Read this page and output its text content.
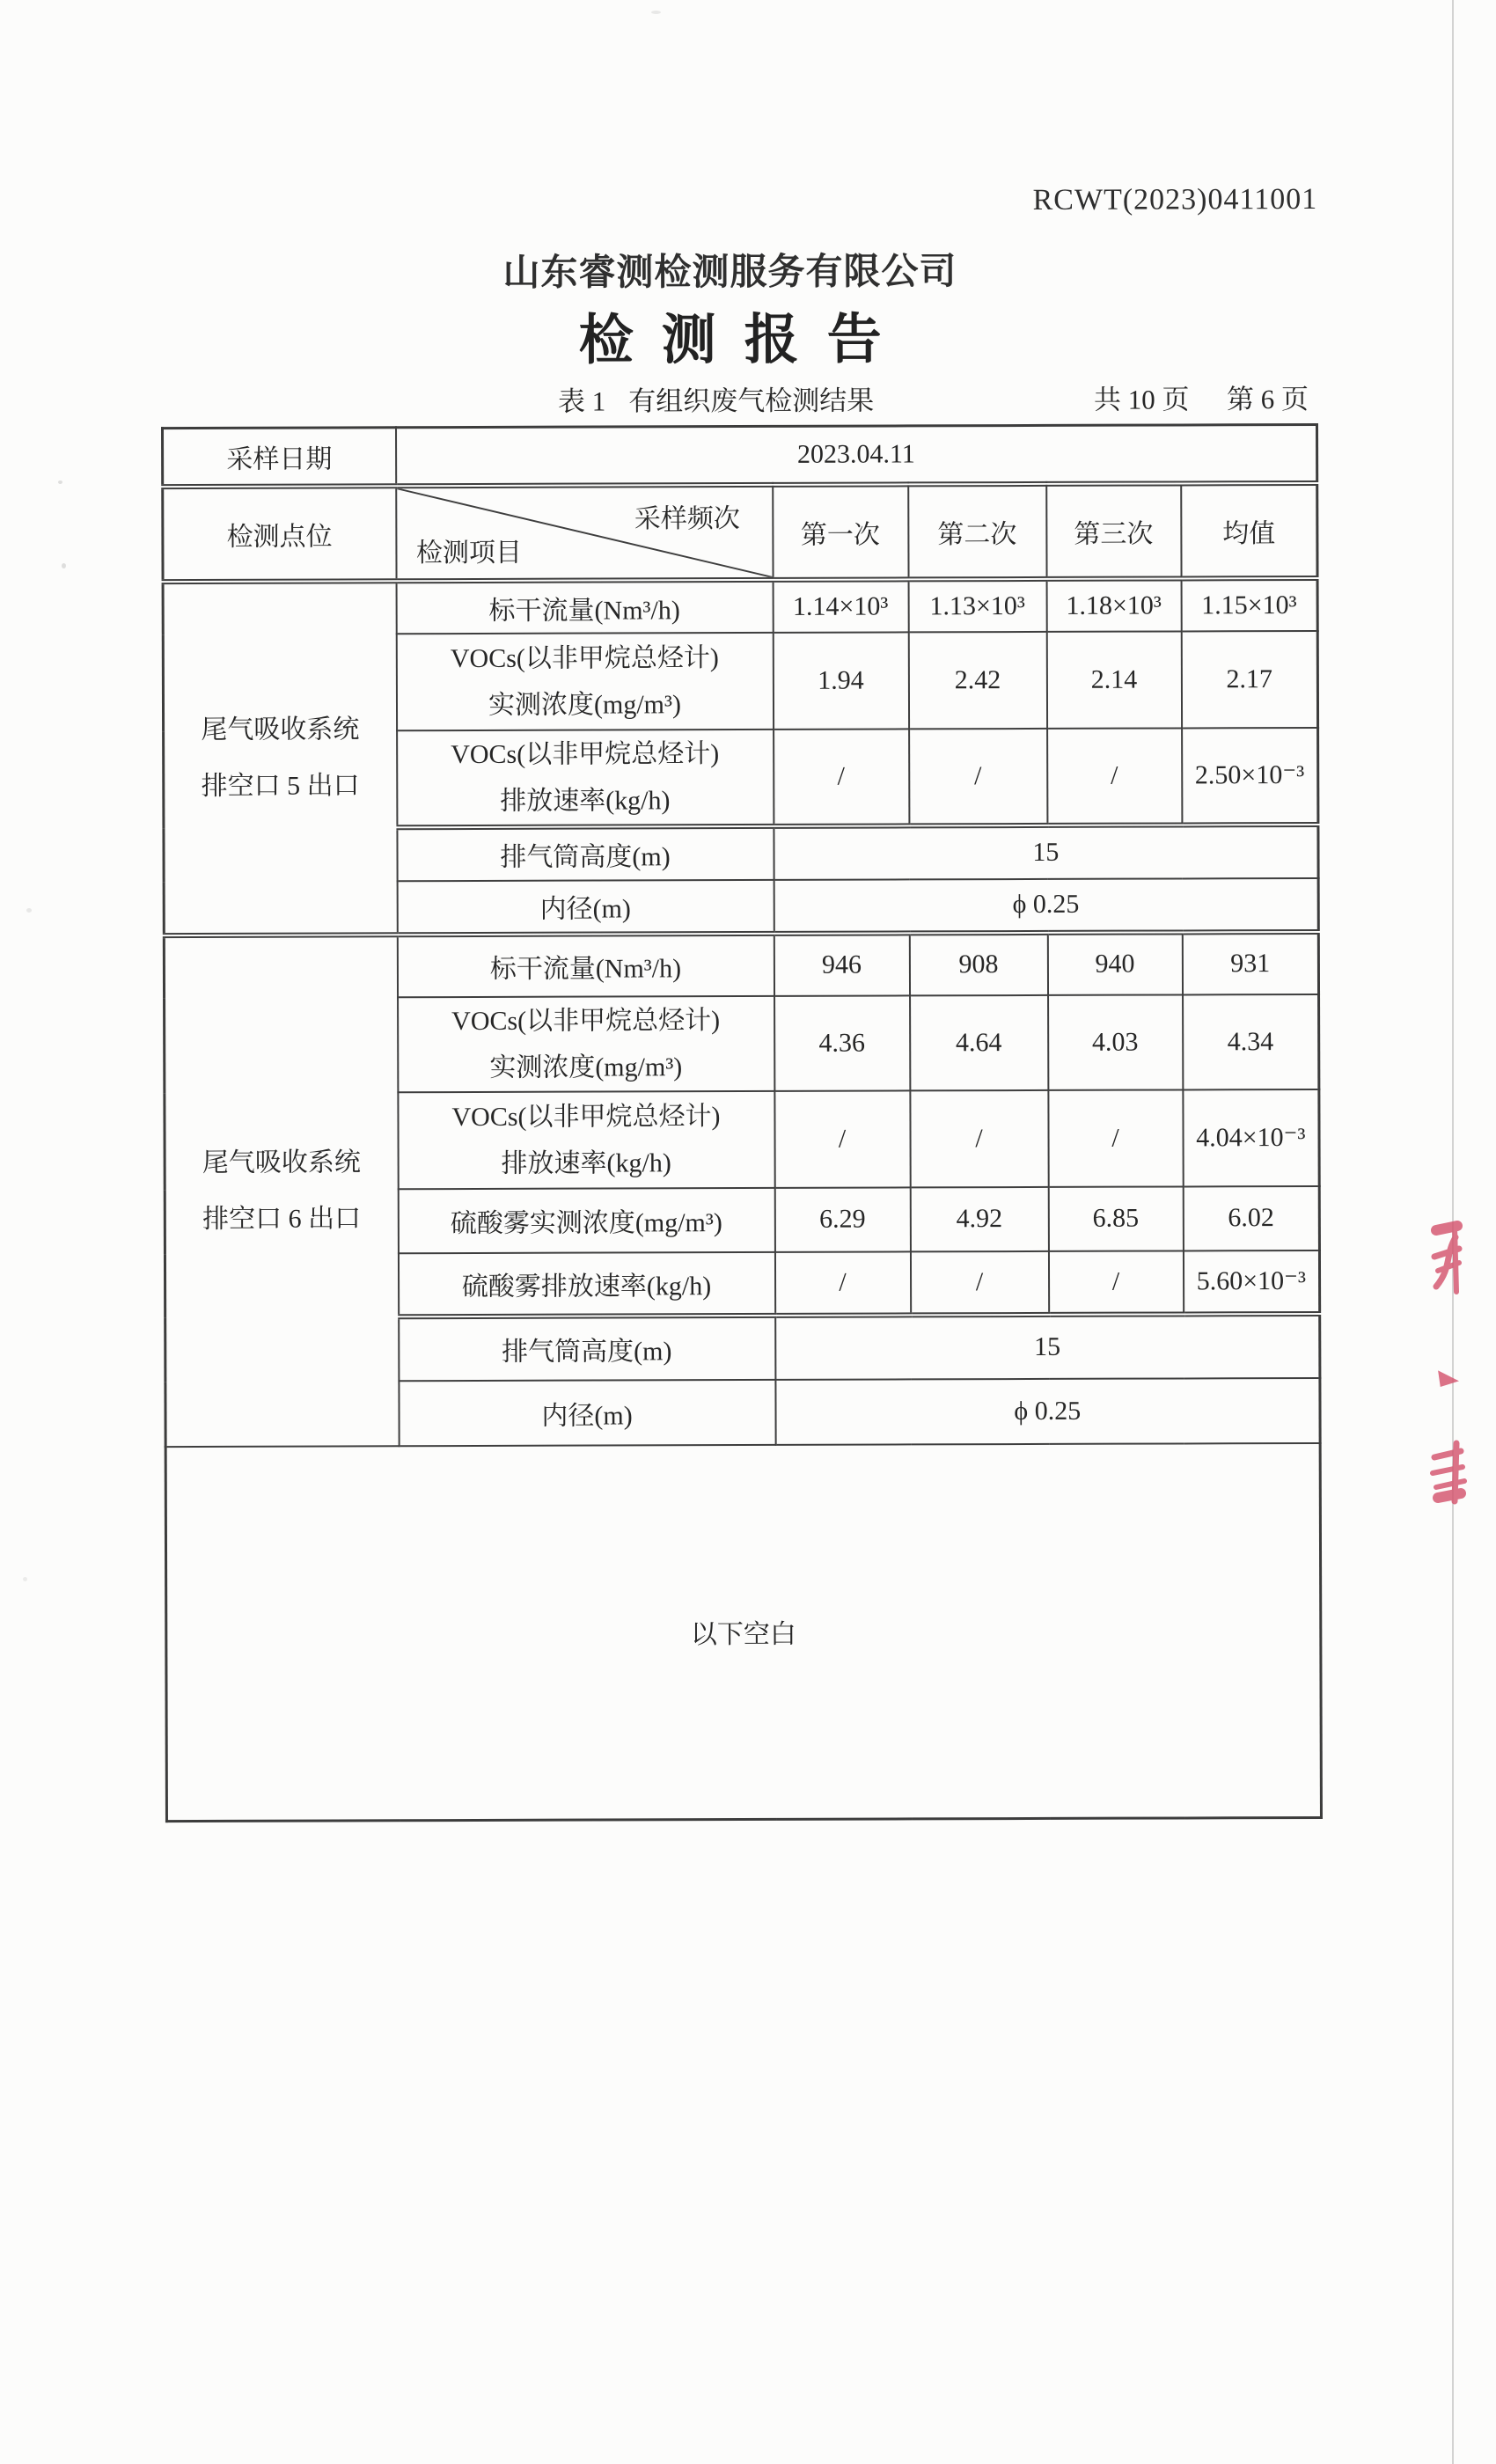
RCWT(2023)0411001
山东睿测检测服务有限公司
检测报告
表 1 有组织废气检测结果	共 10 页 第 6 页
采样日期	2023.04.11				
检测点位	采样频次
检测项目	第一次	第二次	第三次	均值

尾气吸收系统
排空口 5 出口	标干流量(Nm³/h)	1.14×10³	1.13×10³	1.18×10³	1.15×10³

	VOCs(以非甲烷总烃计)
实测浓度(mg/m³)	1.94	2.42	2.14	2.17

	VOCs(以非甲烷总烃计)
排放速率(kg/h)	/	/	/	2.50×10⁻³
	排气筒高度(m)	15			
	内径(m)	ϕ 0.25			

尾气吸收系统
排空口 6 出口	标干流量(Nm³/h)	946	908	940	931

	VOCs(以非甲烷总烃计)
实测浓度(mg/m³)	4.36	4.64	4.03	4.34

	VOCs(以非甲烷总烃计)
排放速率(kg/h)	/	/	/	4.04×10⁻³
	硫酸雾实测浓度(mg/m³)	6.29	4.92	6.85	6.02
	硫酸雾排放速率(kg/h)	/	/	/	5.60×10⁻³
	排气筒高度(m)	15			
	内径(m)	ϕ 0.25			
以下空白					
